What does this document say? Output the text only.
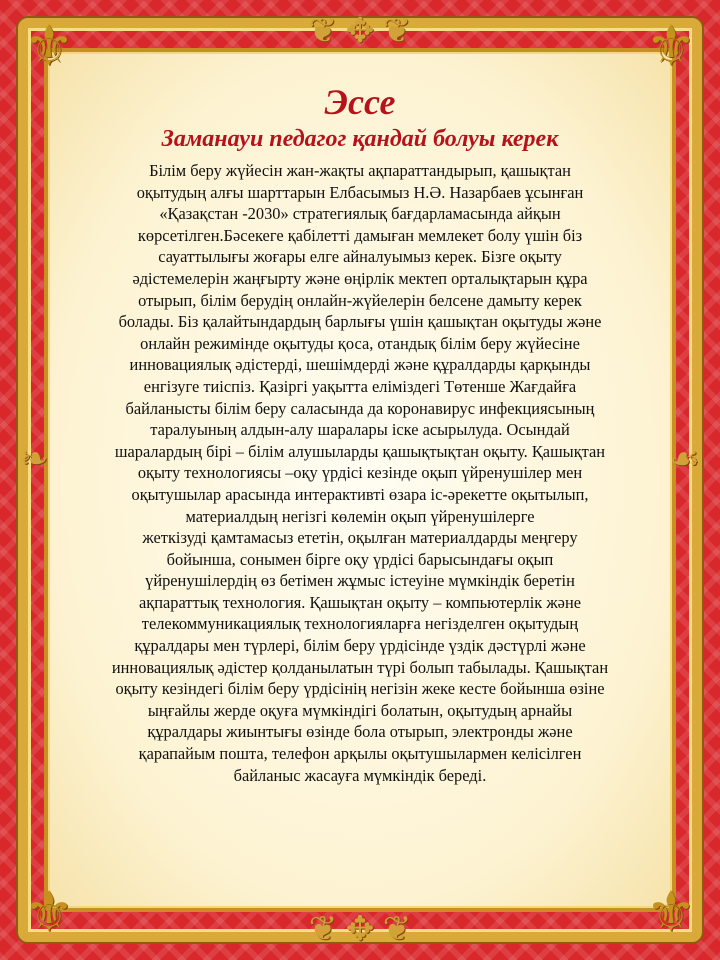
⚜	⚜
⚜	⚜
❦ ✥ ❦
❦ ✥ ❦
❧	☙
Эссе
Заманауи педагог қандай болуы керек
Білім беру жүйесін жан-жақты ақпараттандырып, қашықтан
оқытудың алғы шарттарын Елбасымыз Н.Ә. Назарбаев ұсынған
«Қазақстан -2030» стратегиялық бағдарламасында айқын
көрсетілген.Бәсекеге қабілетті дамыған мемлекет болу үшін біз
сауаттылығы жоғары елге айналуымыз керек. Бізге оқыту
әдістемелерін жаңғырту және өңірлік мектеп орталықтарын құра
отырып, білім берудің онлайн-жүйелерін белсене дамыту керек
болады. Біз қалайтындардың барлығы үшін қашықтан оқытуды және
онлайн режимінде оқытуды қоса, отандық білім беру жүйесіне
инновациялық әдістерді, шешімдерді және құралдарды қарқынды
енгізуге тиіспіз. Қазіргі уақытта еліміздегі Төтенше Жағдайға
байланысты білім беру саласында да коронавирус инфекциясының
таралуының алдын-алу шаралары іске асырылуда. Осындай
шаралардың бірі – білім алушыларды қашықтықтан оқыту. Қашықтан
оқыту технологиясы –оқу үрдісі кезінде оқып үйренушілер мен
оқытушылар арасында интерактивті өзара іс-әрекетте оқытылып,
материалдың негізгі көлемін оқып үйренушілерге
жеткізуді қамтамасыз ететін, оқылған материалдарды меңгеру
бойынша, сонымен бірге оқу үрдісі барысындағы оқып
үйренушілердің өз бетімен жұмыс істеуіне мүмкіндік беретін
ақпараттық технология. Қашықтан оқыту – компьютерлік және
телекоммуникациялық технологияларға негізделген оқытудың
құралдары мен түрлері, білім беру үрдісінде үздік дәстүрлі және
инновациялық әдістер қолданылатын түрі болып табылады. Қашықтан
оқыту кезіндегі білім беру үрдісінің негізін жеке кесте бойынша өзіне
ыңғайлы жерде оқуға мүмкіндігі болатын, оқытудың арнайы
құралдары жиынтығы өзінде бола отырып, электронды және
қарапайым пошта, телефон арқылы оқытушылармен келісілген
байланыс жасауға мүмкіндік береді.
